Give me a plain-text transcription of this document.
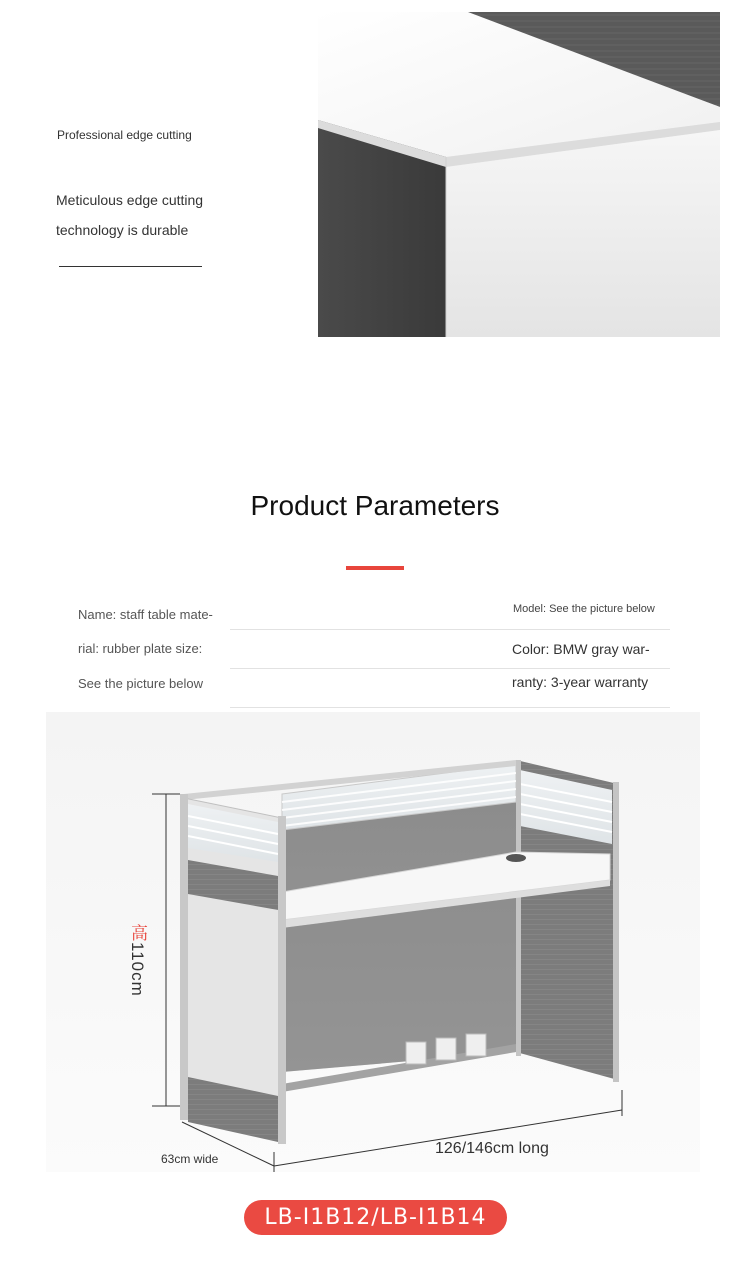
Professional edge cutting
Meticulous edge cutting
technology is durable
Product Parameters
Name: staff table mate-
rial: rubber plate size:
See the picture below
Model: See the picture below
Color: BMW gray war-
ranty: 3-year warranty
高110cm
63cm wide
126/146cm long
LB-I1B12/LB-I1B14
